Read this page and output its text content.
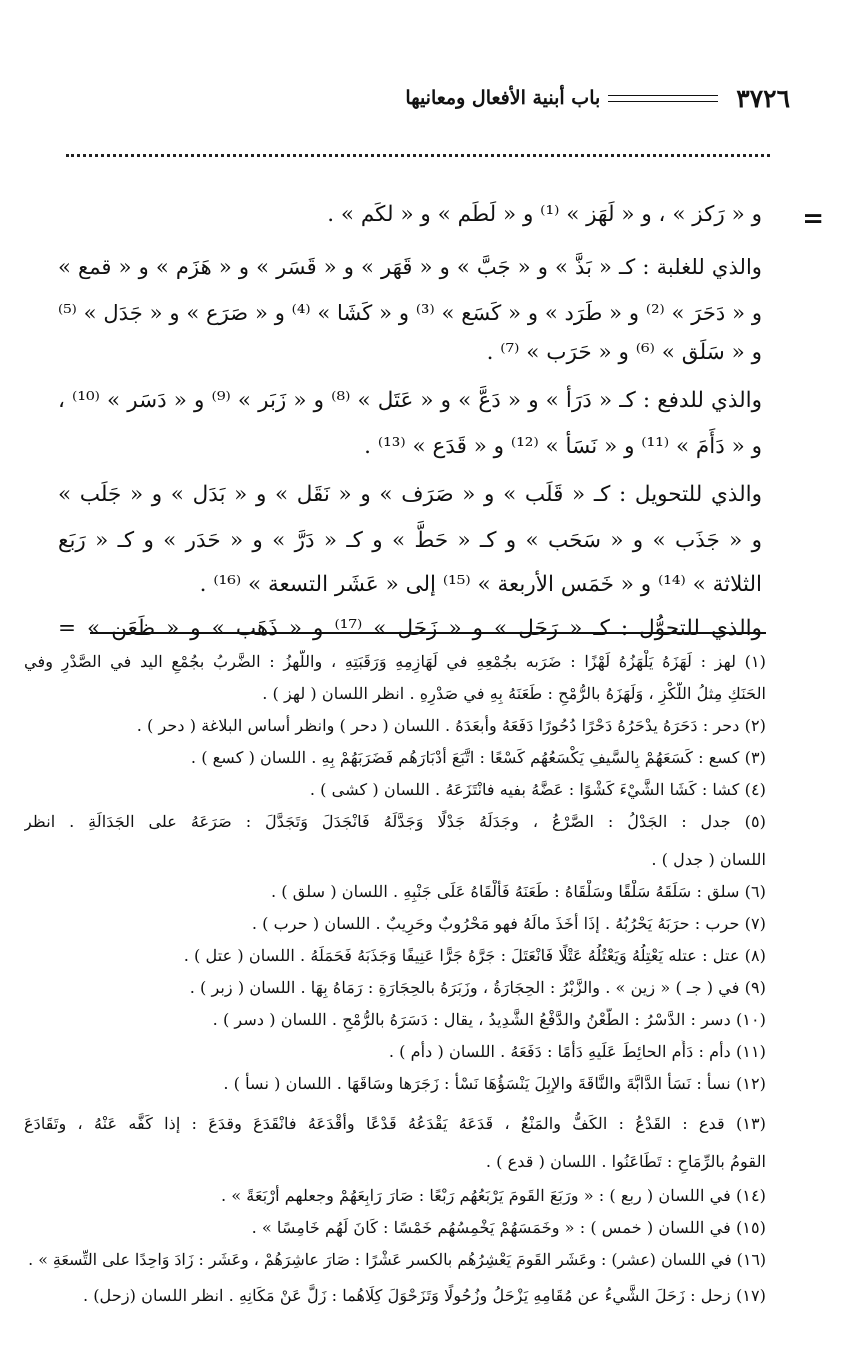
٣٧٢٦
باب أبنية الأفعال ومعانيها
=
و « رَكز » ، و « لَهَز » ⁽¹⁾ و « لَطَم » و « لكَم » .
والذي للغلبة : كـ « بَذَّ » و « جَبَّ » و « قَهَر » و « قَسَر » و « هَزَم » و « قمع »
و « دَحَرَ » ⁽²⁾ و « طَرَد » و « كَسَع » ⁽³⁾ و « كَشَا » ⁽⁴⁾ و « صَرَع » و « جَدَل » ⁽⁵⁾
و « سَلَق » ⁽⁶⁾ و « حَرَب » ⁽⁷⁾ .
والذي للدفع : كـ « دَرَأ » و « دَعَّ » و « عَتَل » ⁽⁸⁾ و « زَبَر » ⁽⁹⁾ و « دَسَر » ⁽¹⁰⁾ ،
و « دَأَمَ » ⁽¹¹⁾ و « نَسَأ » ⁽¹²⁾ و « قَدَع » ⁽¹³⁾ .
والذي للتحويل : كـ « قَلَب » و « صَرَف » و « نَقَل » و « بَدَل » و « جَلَب »
و « جَذَب » و « سَحَب » و كـ « حَطَّ » و كـ « دَرَّ » و « حَدَر » و كـ « رَبَع
الثلاثة » ⁽¹⁴⁾ و « خَمَس الأربعة » ⁽¹⁵⁾ إلى « عَشَر التسعة » ⁽¹⁶⁾ .
والذي للتحوُّل : كـ « رَحَل » و « زَحَل » ⁽¹⁷⁾ و « ذَهَب » و « ظَعَن » =
(١) لهز : لَهَزَهُ يَلْهَزُهُ لَهْزًا : ضَرَبه بجُمْعِهِ في لَهَازِمِهِ وَرَقَبَتِهِ ، واللَّهزُ : الضَّربُ بجُمْعِ اليد في الصَّدْرِ وفي
الحَنَكِ مِثلُ اللَّكْزِ ، وَلَهَزَهُ بالرُّمْحِ : طَعَنَهُ بِهِ في صَدْرِهِ . انظر اللسان ( لهز ) .
(٢) دحر : دَحَرَهُ يدْحَرُهُ دَحْرًا دُحُورًا دَفَعَهُ وأبعَدَهُ . اللسان ( دحر ) وانظر أساس البلاغة ( دحر ) .
(٣) كسع : كَسَعَهُمْ بِالسَّيفِ يَكْسَعُهُم كَسْعًا : اتَّبَعَ أدْبَارَهُم فَضَرَبَهُمْ بِهِ . اللسان ( كسع ) .
(٤) كشا : كَشَا الشَّيْءَ كَشْوًا : عَضَّهُ بفيه فانْتَزَعَهُ . اللسان ( كشى ) .
(٥) جدل : الجَدْلُ : الصَّرْعُ ، وجَدَلَهُ جَدْلًا وَجَدَّلَهُ فَانْجَدَلَ وَتَجَدَّلَ : صَرَعَهُ على الجَدَالَةِ . انظر
اللسان ( جدل ) .
(٦) سلق : سَلَقَهُ سَلْقًا وسَلْقَاهُ : طَعَنَهُ فَأَلْقَاهُ عَلَى جَنْبِهِ . اللسان ( سلق ) .
(٧) حرب : حرَبَهُ يَحْرُبُهُ . إذَا أخَذَ مالَهُ فهو مَحْرُوبٌ وحَرِيبٌ . اللسان ( حرب ) .
(٨) عتل : عتله يَعْتِلُهُ وَيَعْتُلُهُ عَتْلًا فَانْعَتَلَ : جَرَّهُ جَرًّا عَنِيفًا وَجَذَبَهُ فَحَمَلَهُ . اللسان ( عتل ) .
(٩) في ( جـ ) « زين » . والزَّبْرُ : الحِجَارَةُ ، وزَبَرَهُ بالحِجَارَةِ : رَمَاهُ بِهَا . اللسان ( زبر ) .
(١٠) دسر : الدَّسْرُ : الطَّعْنُ والدَّفْعُ الشَّدِيدُ ، يقال : دَسَرَهُ بالرُّمْحِ . اللسان ( دسر ) .
(١١) دأم : دَأَم الحائِطَ عَلَيهِ دَأْمًا : دَفَعَهُ . اللسان ( دأم ) .
(١٢) نسأ : نَسَأَ الدَّابَّةَ والنَّاقَةَ والإبِلَ يَنْسَؤُهَا نَسْأً : زَجَرَها وسَاقَهَا . اللسان ( نسأ ) .
(١٣) قدع : القَدْعُ : الكَفُّ والمَنْعُ ، قَدَعَهُ يَقْدَعُهُ قَدْعًا وأقْدَعَهُ فانْقَدَعَ وقدَعَ : إذا كَفَّه عَنْهُ ، وتَقَادَعَ
القومُ بالرِّمَاحِ : تَطَاعَنُوا . اللسان ( قدع ) .
(١٤) في اللسان ( ربع ) : « ورَبَعَ القَومَ يَرْبَعُهُم رَبْعًا : صَارَ رَابِعَهُمْ وجعلهم أرْبَعَةً » .
(١٥) في اللسان ( خمس ) : « وخَمَسَهُمْ يَخْمِسُهُم خَمْسًا : كَانَ لَهُم خَامِسًا » .
(١٦) في اللسان (عشر) : وعَشَر القَومَ يَعْشِرُهُم بالكسر عَشْرًا : صَارَ عاشِرَهُمْ ، وعَشَر : زَادَ وَاحِدًا على التِّسعَةِ » .
(١٧) زحل : زَحَلَ الشَّيءُ عن مُقَامِهِ يَزْحَلُ وزُحُولًا وَتَزَحْوَلَ كِلَاهُما : زَلَّ عَنْ مَكَانِهِ . انظر اللسان (زحل) .
